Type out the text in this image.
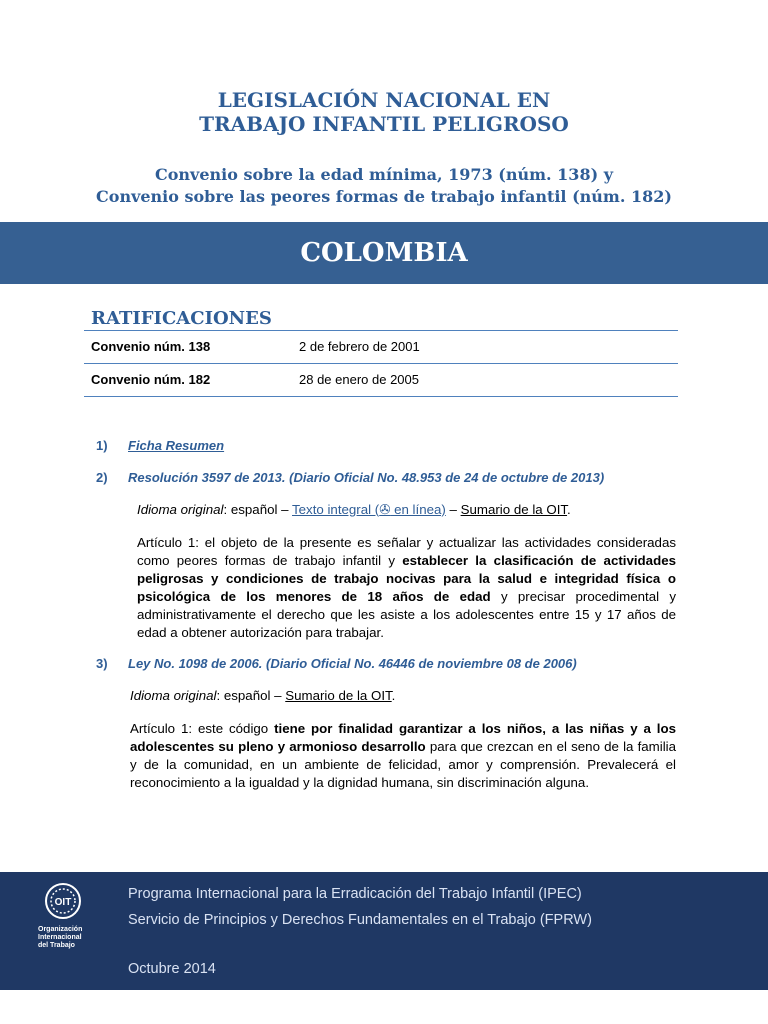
LEGISLACIÓN NACIONAL EN
TRABAJO INFANTIL PELIGROSO
Convenio sobre la edad mínima, 1973 (núm. 138) y
Convenio sobre las peores formas de trabajo infantil (núm. 182)
COLOMBIA
RATIFICACIONES
Convenio núm. 138	2 de febrero de 2001
Convenio núm. 182	28 de enero de 2005
1) Ficha Resumen
2) Resolución 3597 de 2013. (Diario Oficial No. 48.953 de 24 de octubre de 2013)
Idioma original: español – Texto integral (✇ en línea) – Sumario de la OIT.
Artículo 1: el objeto de la presente es señalar y actualizar las actividades consideradas como peores formas de trabajo infantil y establecer la clasificación de actividades peligrosas y condiciones de trabajo nocivas para la salud e integridad física o psicológica de los menores de 18 años de edad y precisar procedimental y administrativamente el derecho que les asiste a los adolescentes entre 15 y 17 años de edad a obtener autorización para trabajar.
3) Ley No. 1098 de 2006. (Diario Oficial No. 46446 de noviembre 08 de 2006)
Idioma original: español – Sumario de la OIT.
Artículo 1: este código tiene por finalidad garantizar a los niños, a las niñas y a los adolescentes su pleno y armonioso desarrollo para que crezcan en el seno de la familia y de la comunidad, en un ambiente de felicidad, amor y comprensión. Prevalecerá el reconocimiento a la igualdad y la dignidad humana, sin discriminación alguna.
Programa Internacional para la Erradicación del Trabajo Infantil (IPEC)
Servicio de Principios y Derechos Fundamentales en el Trabajo (FPRW)
Octubre 2014
OIT
Organización
Internacional
del Trabajo
